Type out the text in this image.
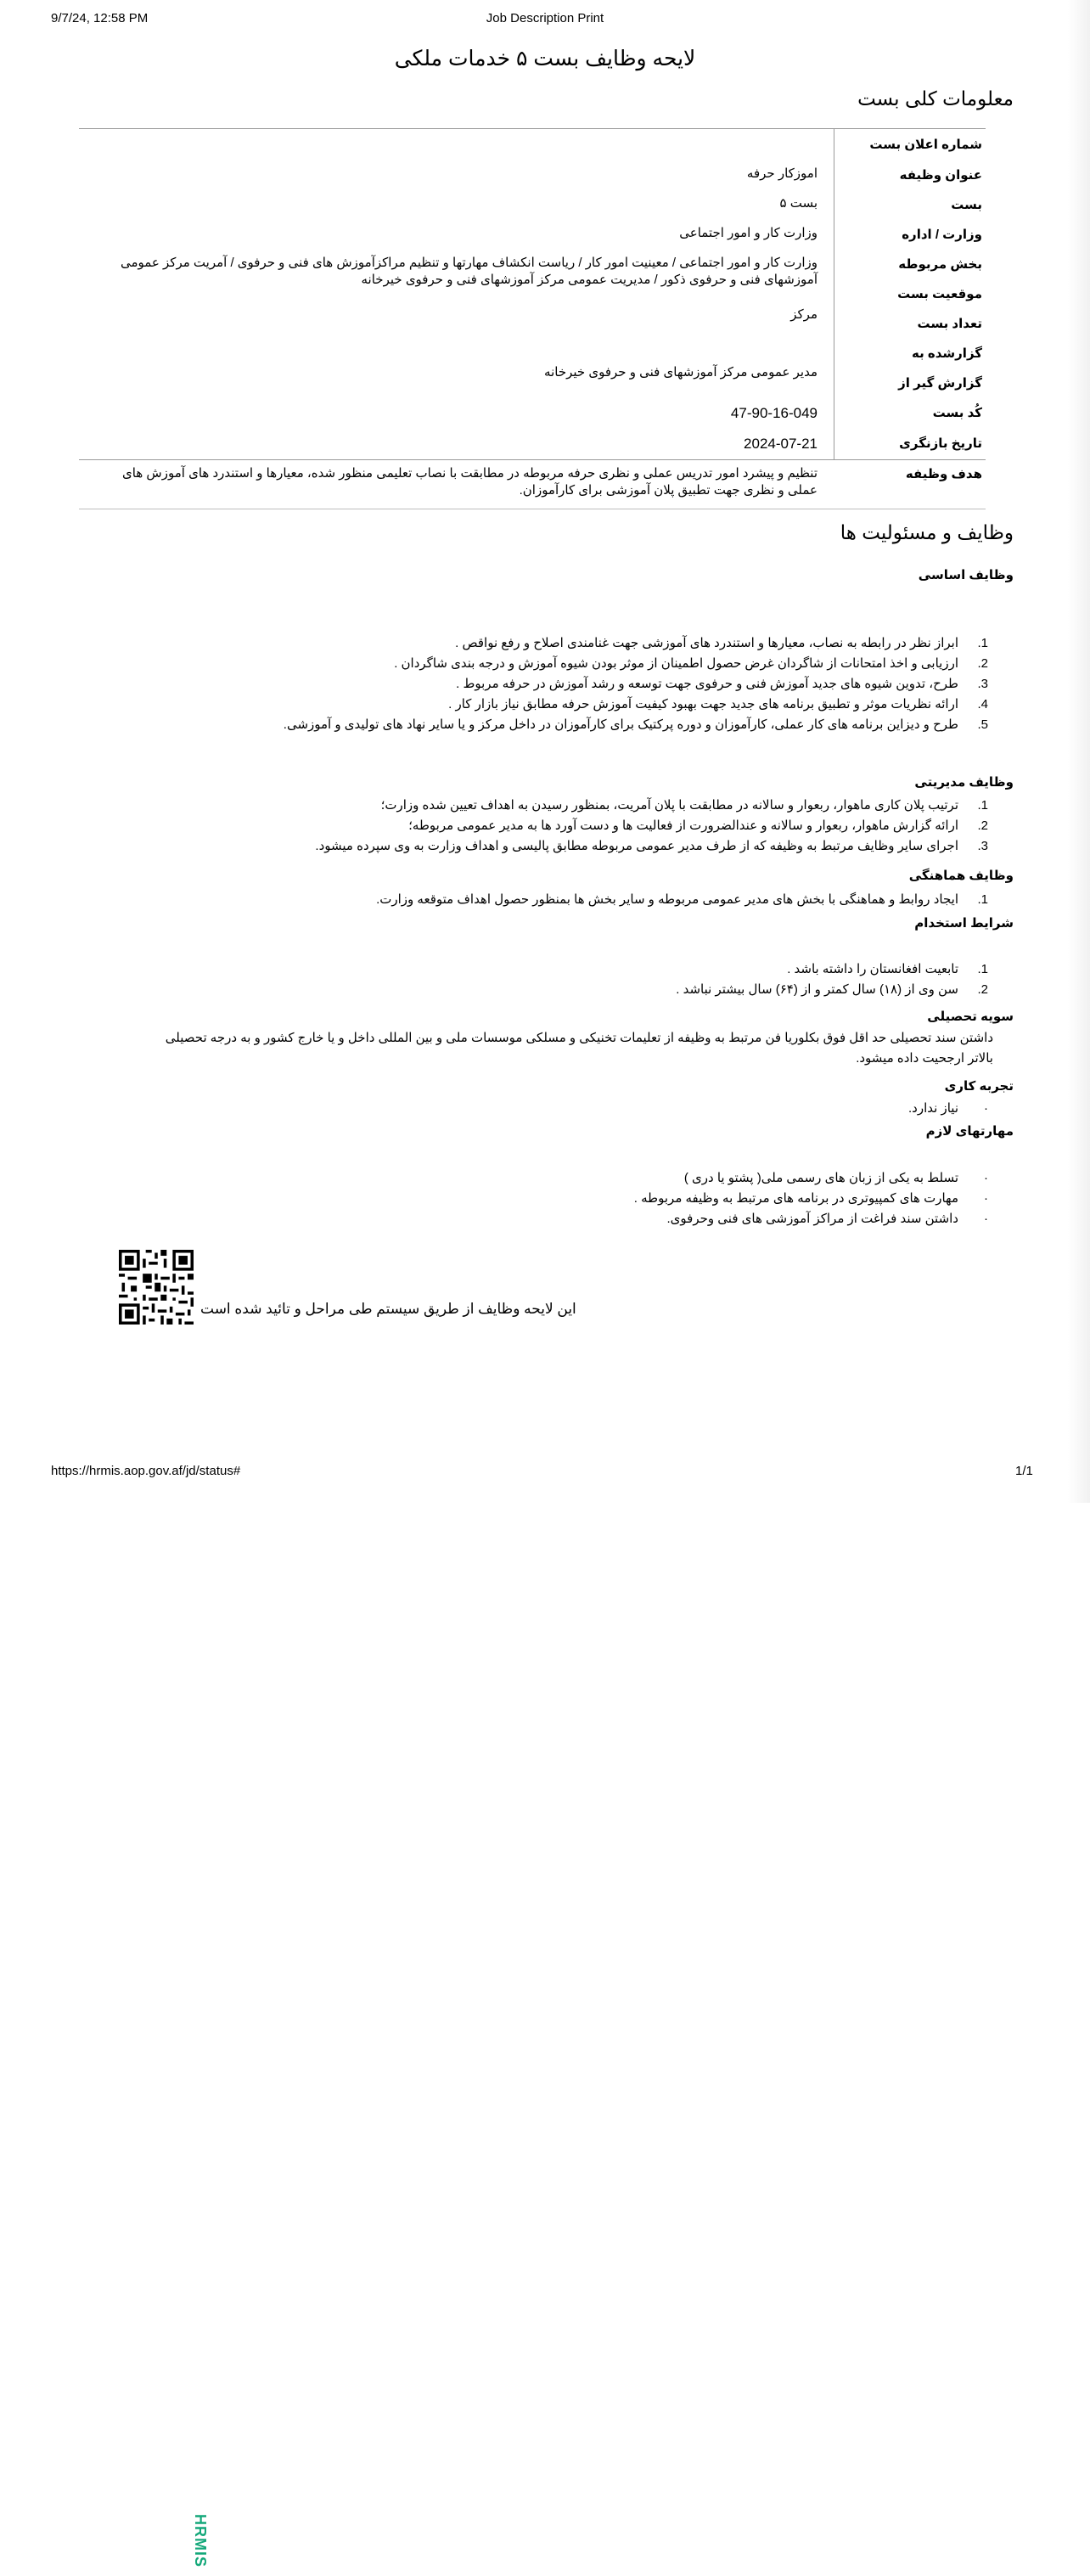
9/7/24, 12:58 PM	Job Description Print
لایحه وظایف بست ۵ خدمات ملکی
معلومات کلی بست
شماره اعلان بست
عنوان وظیفه
بست
وزارت / اداره
بخش مربوطه
موقعیت بست
تعداد بست
گزارشده به
گزارش گیر از
کُد بست
تاریخ بازنگری
اموزکار حرفه
بست ۵
وزارت کار و امور اجتماعی
وزارت کار و امور اجتماعی / معینیت امور کار / ریاست انکشاف مهارتها و تنظیم مراکزآموزش های فنی و حرفوی / آمریت مرکز عمومی آموزشهای فنی و حرفوی ذکور / مدیریت عمومی مرکز آموزشهای فنی و حرفوی خیرخانه
مرکز
مدیر عمومی مرکز آموزشهای فنی و حرفوی خیرخانه
47-90-16-049
2024-07-21
هدف وظیفه
تنظیم و پیشرد امور تدریس عملی و نظری حرفه مربوطه در مطابقت با نصاب تعلیمی منظور شده، معیارها و استندرد های آموزش های عملی و نظری جهت تطبیق پلان آموزشی برای کارآموزان.
وظایف و مسئولیت ها
وظایف اساسی
1.
ابراز نظر در رابطه به نصاب، معیارها و استندرد های آموزشی جهت غنامندی اصلاح و رفع نواقص .
2.
ارزیابی و اخذ امتحانات از شاگردان غرض حصول اطمینان از موثر بودن شیوه آموزش و درجه بندی شاگردان .
3.
طرح، تدوین شیوه های جدید آموزش فنی و حرفوی جهت توسعه و رشد آموزش در حرفه مربوط .
4.
ارائه نظریات موثر و تطبیق برنامه های جدید جهت بهبود کیفیت آموزش حرفه مطابق نیاز بازار کار .
5.
طرح و دیزاین برنامه های کار عملی، کارآموزان و دوره پرکتیک برای کارآموزان در داخل مرکز و یا سایر نهاد های تولیدی و آموزشی.
وظایف مدیریتی
1.
ترتیب پلان کاری ماهوار، ربعوار و سالانه در مطابقت با پلان آمریت، بمنظور رسیدن به اهداف تعیین شده وزارت؛
2.
ارائه گزارش ماهوار، ربعوار و سالانه و عندالضرورت از فعالیت ها و دست آورد ها به مدیر عمومی مربوطه؛
3.
اجرای سایر وظایف مرتبط به وظیفه که از طرف مدیر عمومی مربوطه مطابق پالیسی و اهداف وزارت به وی سپرده میشود.
وظایف هماهنگی
1.
ایجاد روابط و هماهنگی با بخش های مدیر عمومی مربوطه و سایر بخش ها بمنظور حصول اهداف متوقعه وزارت.
شرایط استخدام
1.
تابعیت افغانستان را داشته باشد .
2.
سن وی از (۱۸) سال کمتر و از (۶۴) سال بیشتر نباشد .
سویه تحصیلی
داشتن سند تحصیلی حد اقل فوق بکلوریا فن مرتبط به وظیفه از تعلیمات تخنیکی و مسلکی موسسات ملی و بین المللی داخل و یا خارج کشور و به درجه تحصیلی بالاتر ارجحیت داده میشود.
تجربه کاری
·
نیاز ندارد.
مهارتهای لازم
·
تسلط به یکی از زبان های رسمی ملی( پشتو یا دری )
·
مهارت های کمپیوتری در برنامه های مرتبط به وظیفه مربوطه .
·
داشتن سند فراغت از مراکز آموزشی های فنی وحرفوی.
HRMIS
این لایحه وظایف از طریق سیستم طی مراحل و تائید شده است
https://hrmis.aop.gov.af/jd/status#	1/1
